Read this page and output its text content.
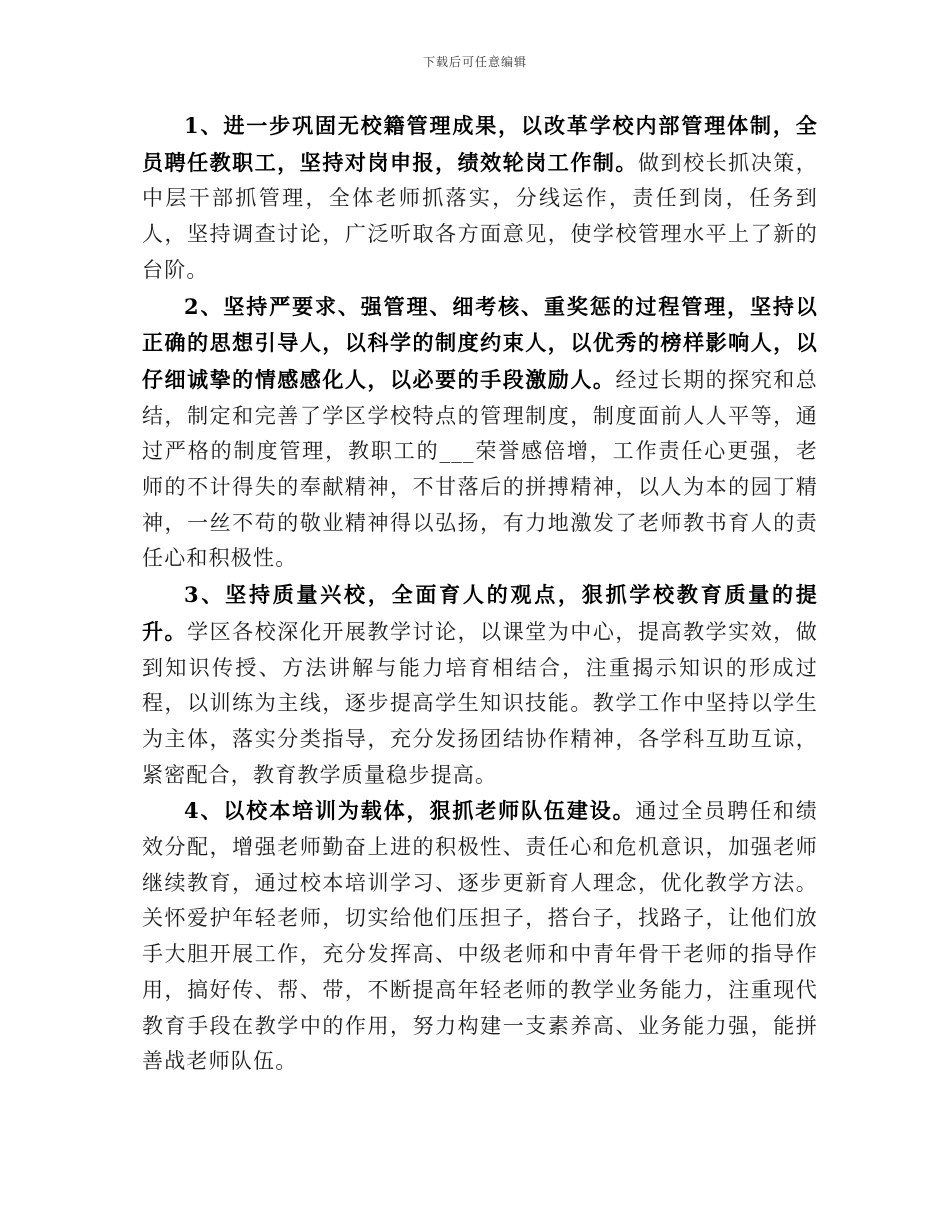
下载后可任意编辑

1、进一步巩固无校籍管理成果，以改革学校内部管理体制，全员聘任教职工，坚持对岗申报，绩效轮岗工作制。做到校长抓决策，中层干部抓管理，全体老师抓落实，分线运作，责任到岗，任务到人，坚持调查讨论，广泛听取各方面意见，使学校管理水平上了新的台阶。

2、坚持严要求、强管理、细考核、重奖惩的过程管理，坚持以正确的思想引导人，以科学的制度约束人，以优秀的榜样影响人，以仔细诚挚的情感感化人，以必要的手段激励人。经过长期的探究和总结，制定和完善了学区学校特点的管理制度，制度面前人人平等，通过严格的制度管理，教职工的___荣誉感倍增，工作责任心更强，老师的不计得失的奉献精神，不甘落后的拼搏精神，以人为本的园丁精神，一丝不苟的敬业精神得以弘扬，有力地激发了老师教书育人的责任心和积极性。

3、坚持质量兴校，全面育人的观点，狠抓学校教育质量的提升。学区各校深化开展教学讨论，以课堂为中心，提高教学实效，做到知识传授、方法讲解与能力培育相结合，注重揭示知识的形成过程，以训练为主线，逐步提高学生知识技能。教学工作中坚持以学生为主体，落实分类指导，充分发扬团结协作精神，各学科互助互谅，紧密配合，教育教学质量稳步提高。

4、以校本培训为载体，狠抓老师队伍建设。通过全员聘任和绩效分配，增强老师勤奋上进的积极性、责任心和危机意识，加强老师继续教育，通过校本培训学习、逐步更新育人理念，优化教学方法。关怀爱护年轻老师，切实给他们压担子，搭台子，找路子，让他们放手大胆开展工作，充分发挥高、中级老师和中青年骨干老师的指导作用，搞好传、帮、带，不断提高年轻老师的教学业务能力，注重现代教育手段在教学中的作用，努力构建一支素养高、业务能力强，能拼善战老师队伍。
